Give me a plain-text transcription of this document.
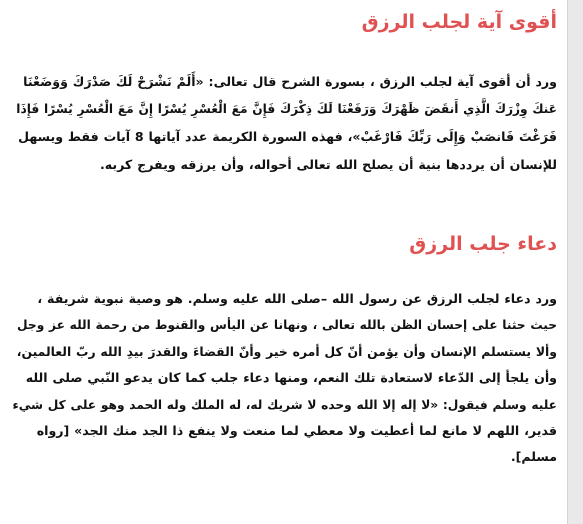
أقوى آية لجلب الرزق
ورد أن أقوى آية لجلب الرزق ، بسورة الشرح قال تعالى: «أَلَمْ نَشْرَحْ لَكَ صَدْرَكَ وَوَضَعْنَا
عَنكَ وِزْرَكَ الَّذِي أَنقَضَ ظَهْرَكَ وَرَفَعْنَا لَكَ ذِكْرَكَ فَإِنَّ مَعَ الْعُسْرِ يُسْرًا إِنَّ مَعَ الْعُسْرِ يُسْرًا فَإِذَا
فَرَغْتَ فَانصَبْ وَإِلَى رَبِّكَ فَارْغَبْ»، فهذه السورة الكريمة عدد آياتها 8 آيات فقط ويسهل
للإنسان أن يرددها بنية أن يصلح الله تعالى أحواله، وأن يرزقه ويفرج كربه.
دعاء جلب الرزق
ورد دعاء لجلب الرزق عن رسول الله –صلى الله عليه وسلم. هو وصية نبوية شريفة ،
حيث حثنا على إحسان الظن بالله تعالى ، ونهانا عن اليأس والقنوط من رحمة الله عز وجل
وألا يستسلم الإنسان وأن يؤمن أنّ كل أمره خير وأنّ القضاءَ والقدرَ بيدِ الله ربّ العالمين،
وأن يلجأ إلى الدّعاء لاستعادة تلك النعم، ومنها دعاء جلب كما كان يدعو النّبي صلى الله
عليه وسلم فيقول: «لا إله إلا الله وحده لا شريك له، له الملك وله الحمد وهو على كل شيء
قدير، اللهم لا مانع لما أعطيت ولا معطي لما منعت ولا ينفع ذا الجد منك الجد» [رواه
مسلم].
